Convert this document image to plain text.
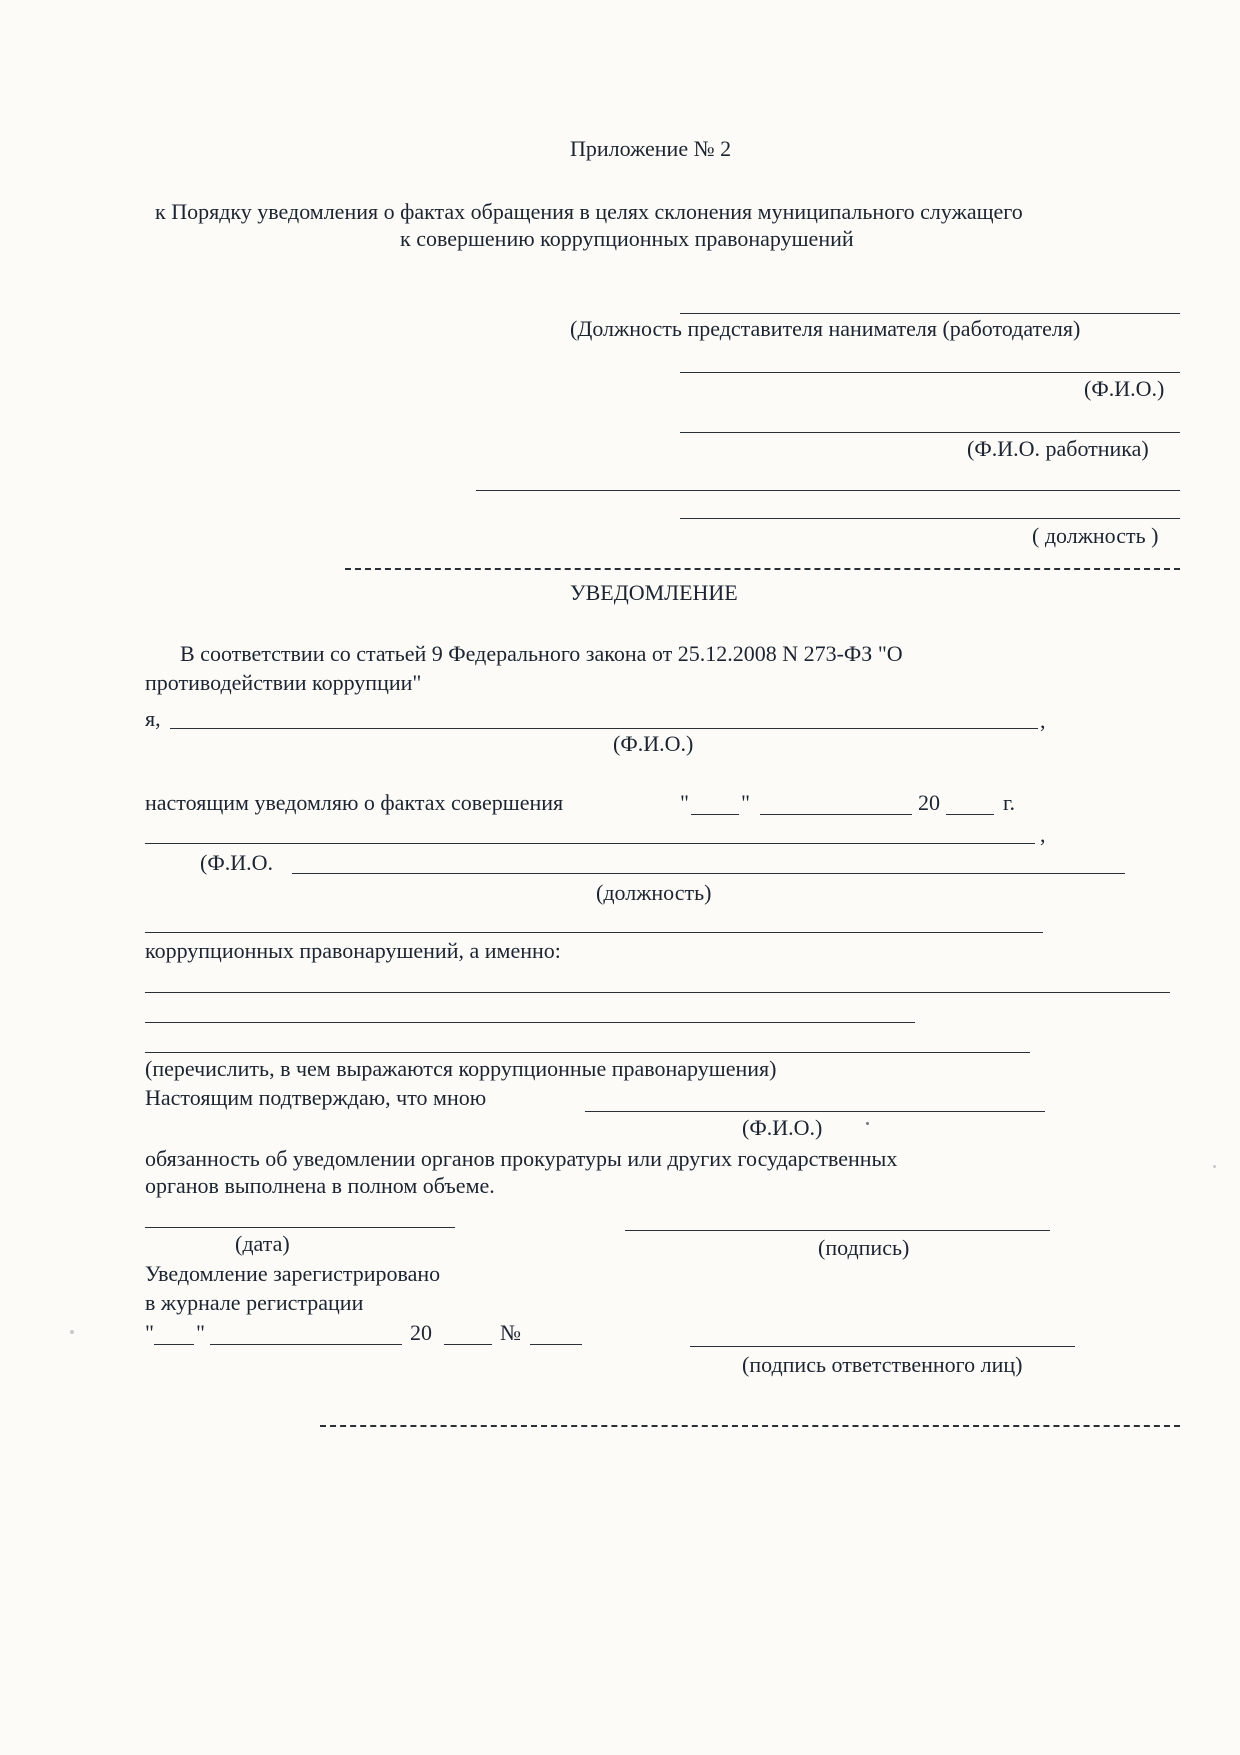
Приложение № 2
к Порядку уведомления о фактах обращения в целях склонения муниципального служащего
к совершению коррупционных правонарушений
(Должность представителя нанимателя (работодателя)
(Ф.И.О.)
(Ф.И.О. работника)
( должность )
УВЕДОМЛЕНИЕ
В соответствии со статьей 9 Федерального закона от 25.12.2008 N 273-ФЗ "О
противодействии коррупции"
я,	,
(Ф.И.О.)
настоящим уведомляю о фактах совершения	" "	20	г.
,
(Ф.И.О.
(должность)
коррупционных правонарушений, а именно:
(перечислить, в чем выражаются коррупционные правонарушения)
Настоящим подтверждаю, что мною
(Ф.И.О.)
обязанность об уведомлении органов прокуратуры или других государственных
органов выполнена в полном объеме.
(дата)	(подпись)
Уведомление зарегистрировано
в журнале регистрации
" "	20	№
(подпись ответственного лиц)
